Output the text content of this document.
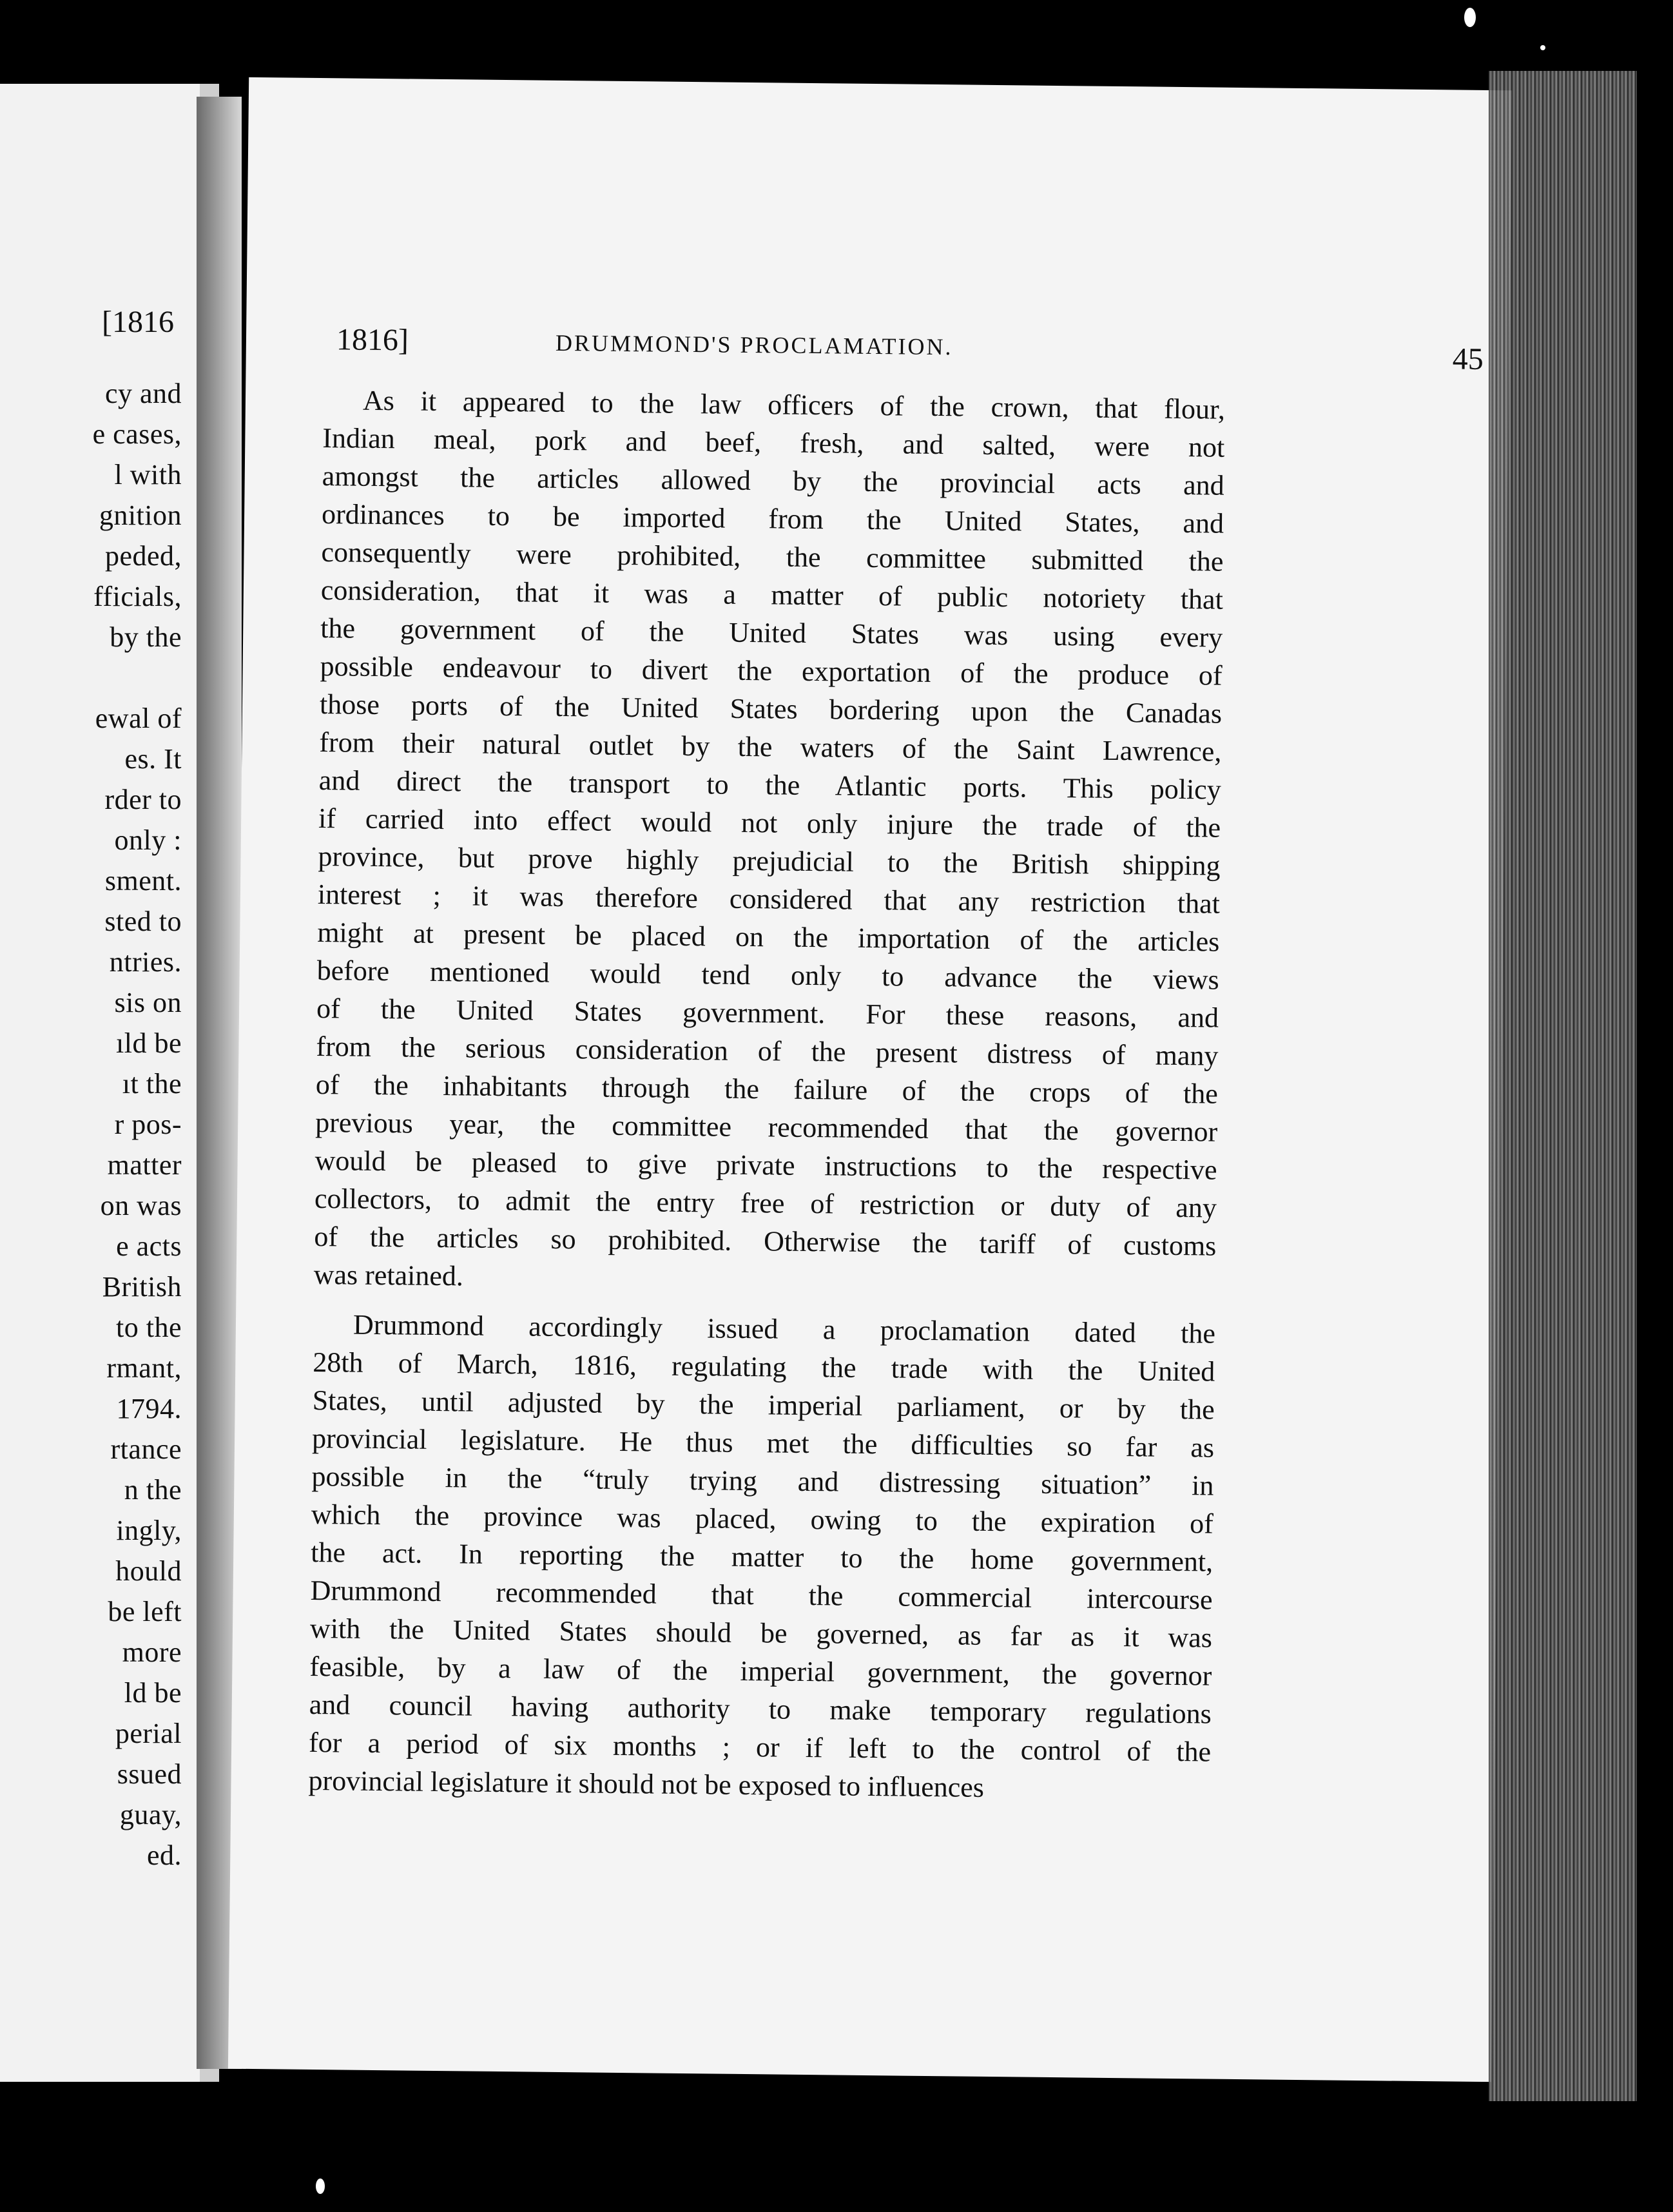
[1816
cy and
e cases,
l with
gnition
peded,
fficials,
by the
ewal of
es. It
rder to
only :
sment.
sted to
ntries.
sis on
ıld be
ıt the
r pos-
matter
on was
e acts
British
to the
rmant,
1794.
rtance
n the
ingly,
hould
be left
more
ld be
perial
ssued
guay,
ed.
1816]	DRUMMOND'S PROCLAMATION.	45
As it appeared to the law officers of the crown, that flour,
Indian meal, pork and beef, fresh, and salted, were not
amongst the articles allowed by the provincial acts and
ordinances to be imported from the United States, and
consequently were prohibited, the committee submitted the
consideration, that it was a matter of public notoriety that
the government of the United States was using every
possible endeavour to divert the exportation of the produce of
those ports of the United States bordering upon the Canadas
from their natural outlet by the waters of the Saint Lawrence,
and direct the transport to the Atlantic ports. This policy
if carried into effect would not only injure the trade of the
province, but prove highly prejudicial to the British shipping
interest ; it was therefore considered that any restriction that
might at present be placed on the importation of the articles
before mentioned would tend only to advance the views
of the United States government. For these reasons, and
from the serious consideration of the present distress of many
of the inhabitants through the failure of the crops of the
previous year, the committee recommended that the governor
would be pleased to give private instructions to the respective
collectors, to admit the entry free of restriction or duty of any
of the articles so prohibited. Otherwise the tariff of customs
was retained.
Drummond accordingly issued a proclamation dated the
28th of March, 1816, regulating the trade with the United
States, until adjusted by the imperial parliament, or by the
provincial legislature. He thus met the difficulties so far as
possible in the “truly trying and distressing situation” in
which the province was placed, owing to the expiration of
the act. In reporting the matter to the home government,
Drummond recommended that the commercial intercourse
with the United States should be governed, as far as it was
feasible, by a law of the imperial government, the governor
and council having authority to make temporary regulations
for a period of six months ; or if left to the control of the
provincial legislature it should not be exposed to influences
